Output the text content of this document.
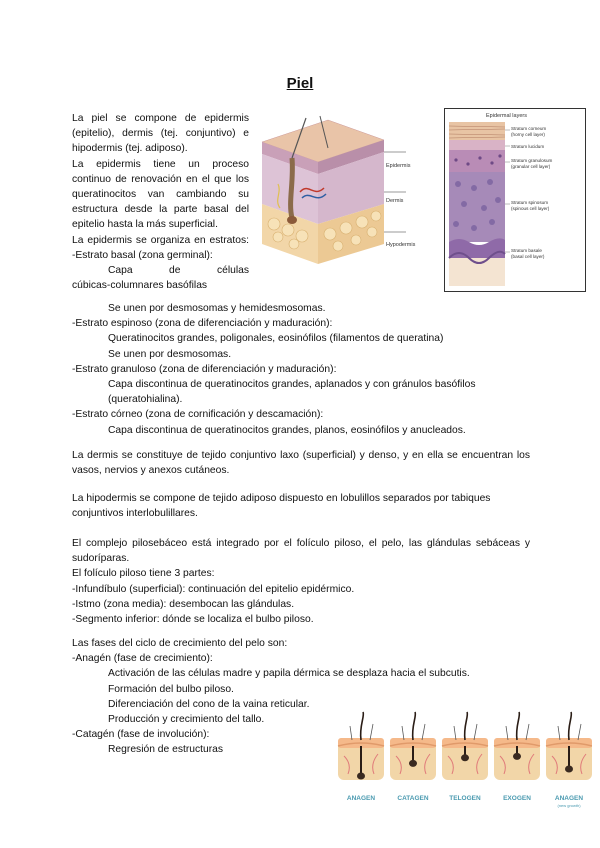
Piel

La piel se compone de epidermis (epitelio), dermis (tej. conjuntivo) e hipodermis (tej. adiposo).

La epidermis tiene un proceso continuo de renovación en el que los queratinocitos van cambiando su estructura desde la parte basal del epitelio hasta la más superficial.

La epidermis se organiza en estratos:

-Estrato basal (zona germinal):

Capa de células

cúbicas-columnares basófilas

Epidermis
Dermis
Hypodermis
Epidermal layers
Stratum corneum
(horny cell layer)
Stratum lucidum
Stratum granulosum
(granular cell layer)
Stratum spinosum
(spinous cell layer)
Stratum basale
(basal cell layer)

Se unen por desmosomas y hemidesmosomas.

-Estrato espinoso (zona de diferenciación y maduración):

Queratinocitos grandes, poligonales, eosinófilos (filamentos de queratina)

Se unen por desmosomas.

-Estrato granuloso (zona de diferenciación y maduración):

Capa discontinua de queratinocitos grandes, aplanados y con gránulos basófilos (queratohialina).

-Estrato córneo (zona de cornificación y descamación):

Capa discontinua de queratinocitos grandes, planos, eosinófilos y anucleados.

La dermis se constituye de tejido conjuntivo laxo (superficial) y denso, y en ella se encuentran los vasos, nervios y anexos cutáneos.

La hipodermis se compone de tejido adiposo dispuesto en lobulillos separados por tabiques conjuntivos interlobulillares.

El complejo pilosebáceo está integrado por el folículo piloso, el pelo, las glándulas sebáceas y sudoríparas.

El folículo piloso tiene 3 partes:

-Infundíbulo (superficial): continuación del epitelio epidérmico.

-Istmo (zona media): desembocan las glándulas.

-Segmento inferior: dónde se localiza el bulbo piloso.

Las fases del ciclo de crecimiento del pelo son:

-Anagén (fase de crecimiento):

Activación de las células madre y papila dérmica se desplaza hacia el subcutis.

Formación del bulbo piloso.

Diferenciación del cono de la vaina reticular.

Producción y crecimiento del tallo.

-Catagén (fase de involución):

Regresión de estructuras

ANAGEN	CATAGEN	TELOGEN	EXOGEN	ANAGEN
(new growth)
